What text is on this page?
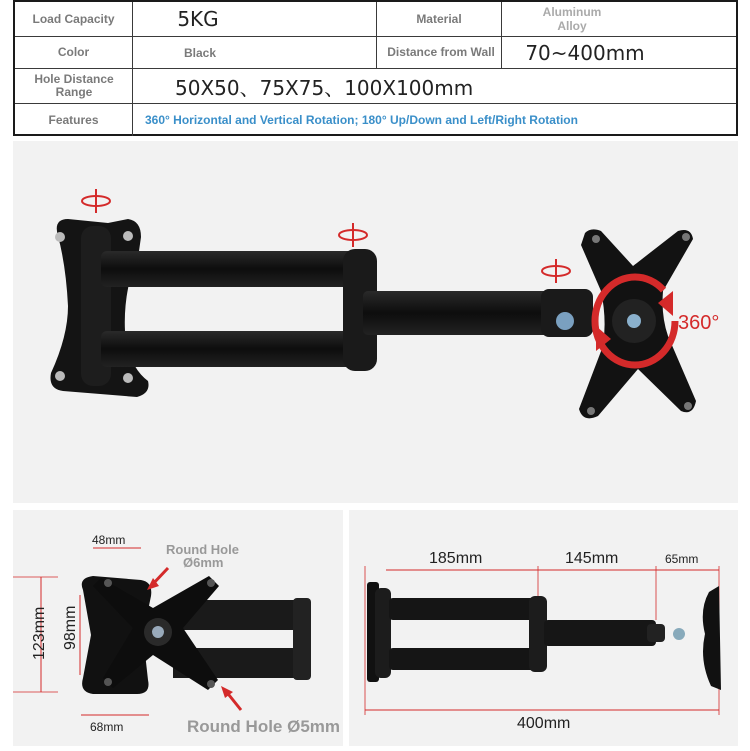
Load Capacity	5KG	Material	Aluminum Alloy
Color	Black	Distance from Wall	70~400mm
Hole Distance Range	50X50、75X75、100X100mm
Features	360° Horizontal and Vertical Rotation; 180° Up/Down and Left/Right Rotation
360°
48mm
Round Hole
Ø6mm
123mm 98mm
68mm	Round Hole Ø5mm
185mm	145mm	65mm
400mm
